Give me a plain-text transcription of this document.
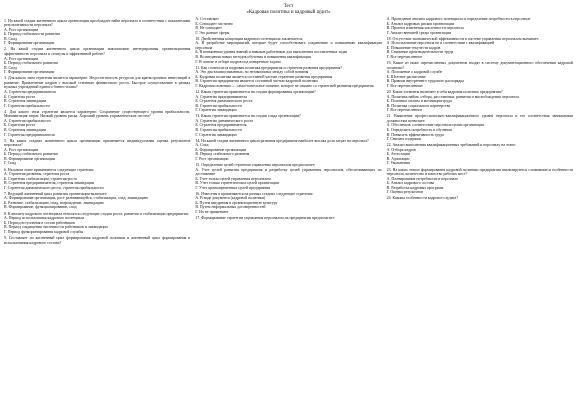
Тест

«Кадровая политика и кадровый аудит»

1. На какой стадии жизненного цикла организации преобладает найм персонала в соответствии с показателями результативности персонала?

А. Рост организации

Б. Период стабильности развития

В. Спад

Г. Формирование организации

2. На какой стадии жизненного цикла организации максимально интегрированы организационная эффективность персонала и стимулы к эффективной работе?

А. Рост организации

Б. Период стабильного развития

В. Спад

Г. Формирование организации

3. Для какого типа стратегии является характерно: Недостаточность ресурсов для краткосрочных инвестиций в развитие. Привлечение кадров с высокой степенью финансового роста. Быстрое осуществление в рамках нужных учреждений единого бизнес-плана?

А. Стратегия предпринимателя

Б. Стратегия роста

В. Стратегия ликвидации

Г. Стратегия прибыльности

4. Для какого типа стратегии является характерно: Сохранение существующего уровня прибыльности. Минимизация затрат. Низкий уровень риска. Хороший уровень управленческих систем?

А. Стратегия прибыльности

Б. Стратегия роста

В. Стратегия ликвидации

Г. Стратегия предпринимателя

5. На каких стадиях жизненного цикла организации применяется индивидуальная оценка результатов персонала?

А. Рост организации

Б. Период стабильного развития

В. Формирование организации

Г. Спад

6. На каком этапе применяются следующие стратегии:

А. Стратегия развития, стратегия роста

Б. Стратегия стабилизации, стратегия роста

В. Стратегия предпринимателя, стратегия ликвидации

Г. Стратегия динамического роста, стратегия прибыльности

7. Ведущий жизненный цикл развития организации включает:

А. Формирование организации, рост развивающейся, стабилизация, спад, ликвидацию

Б. Развитие, стабилизацию, спад, возрождение, ликвидацию

В. Формирование, функционирование, спад

8. К анализу кадрового потенциала относятся следующие стадии роста, развития и стабилизации предприятия:

А. Период использования кадрового потенциала

Б. Период вступления в состав работников

В. Период сокращения численности работников и ликвидации

Г. Период функционирования кадровой службы

9. Составляет ли жизненный цикл формирования кадровой политики и жизненный цикл формирования и использования кадрового состава?

А. Составляет

Б. Совпадает частично

В. Не совпадает

Г. Это разные сферы

10. Двойственная концепция кадрового потенциала заключается:

А. В разработке мероприятий, которые будут способствовать сохранению и повышению квалификации персонала

Б. В повышении уровня знаний и навыков работников для выполнения поставленных задач

В. Во введении новых методов обучения и повышения квалификации

Г. В поиске и отборе кадров под конкретные задачи

11. Как соотносятся кадровая политика предприятия и стратегия развития предприятия?

А. Это два взаимосвязанных, но независимых между собой понятия

Б. Кадровая политика является составной частью стратегии развития предприятия

В. Стратегия предприятия является составной частью кадровой политики

Г. Кадровая политика — самостоятельное понятие, которое не связано со стратегией развития предприятия

12. Какая стратегия применяется на стадии формирования организации?

А. Стратегия предпринимателя

Б. Стратегия динамического роста

В. Стратегия прибыльности

Г. Стратегия ликвидации

13. Какая стратегия применяется на стадии спада организации?

А. Стратегия динамического роста

Б. Стратегия предпринимателя

В. Стратегия прибыльности

Г. Стратегия ликвидации

14. На какой стадии жизненного цикла развития предприятия наиболее высока доля затрат на персонал?

А. Спад

Б. Формирование организации

В. Период стабильного развития

Г. Рост организации

15. Определение целей стратегии управления персоналом предполагает:

А. Учет целей развития предприятия и разработку целей управления персоналом, обеспечивающих их достижение

Б. Учет только целей управления персоналом

В. Учет только стратегических целей организации

Г. Учет кратковременных целей предприятия

16. Известны и применяются на разных стадиях следующие стратегии:

А. В виде документа (кадровой политики)

Б. Путем внедрения в организационную культуру

В. Путем неформальных договоренностей

Г. Их не применяют

17. Формирование стратегии управления персоналом на предприятии предполагает:

А. Проведение анализа кадрового потенциала и определение потребности в персонале

Б. Анализ кадровых рисков организации

В. Прогноз изменения численности персонала

Г. Анализ внешней среды организации

18. Отсутствие экономической эффективности в системе управления персоналом вызывает:

А. Использование персонала не в соответствии с квалификацией

Б. Повышение текучести кадров

В. Снижение производительности труда

Г. Все перечисленное

19. Какие из ниже перечисленных документов входят в систему документационного обеспечения кадровой политики?

А. Положение о кадровой службе

Б. Штатное расписание

В. Правила внутреннего трудового распорядка

Г. Все перечисленные

20. Какие элементы включает в себя кадровая политика предприятия?

А. Политика найма, отбора, расстановки, развития и высвобождения персонала

Б. Политика оплаты и мотивации труда

В. Политика социального партнерства

Г. Все перечисленное

21. Выявление профессионально-квалификационного уровня персонала и его соответствия занимаемым должностям позволяет:

А. Обеспечить соответствие персонала целям организации

Б. Определить потребность в обучении

В. Повысить эффективность труда

Г. Снизить издержки

22. Анализ выполнения квалификационных требований к персоналу на этапе:

А. Отбора кадров

Б. Аттестации

В. Адаптации

Г. Увольнения

23. На каких этапах формирования кадровой политики предприятия анализируются сложившиеся особенности персонала, количество и качество рабочих мест?

А. Планирование потребности в персонале

Б. Анализ кадрового состава

В. Разработка кадровых программ

Г. Оценка результатов

24. Каковы особенности кадрового аудита?
